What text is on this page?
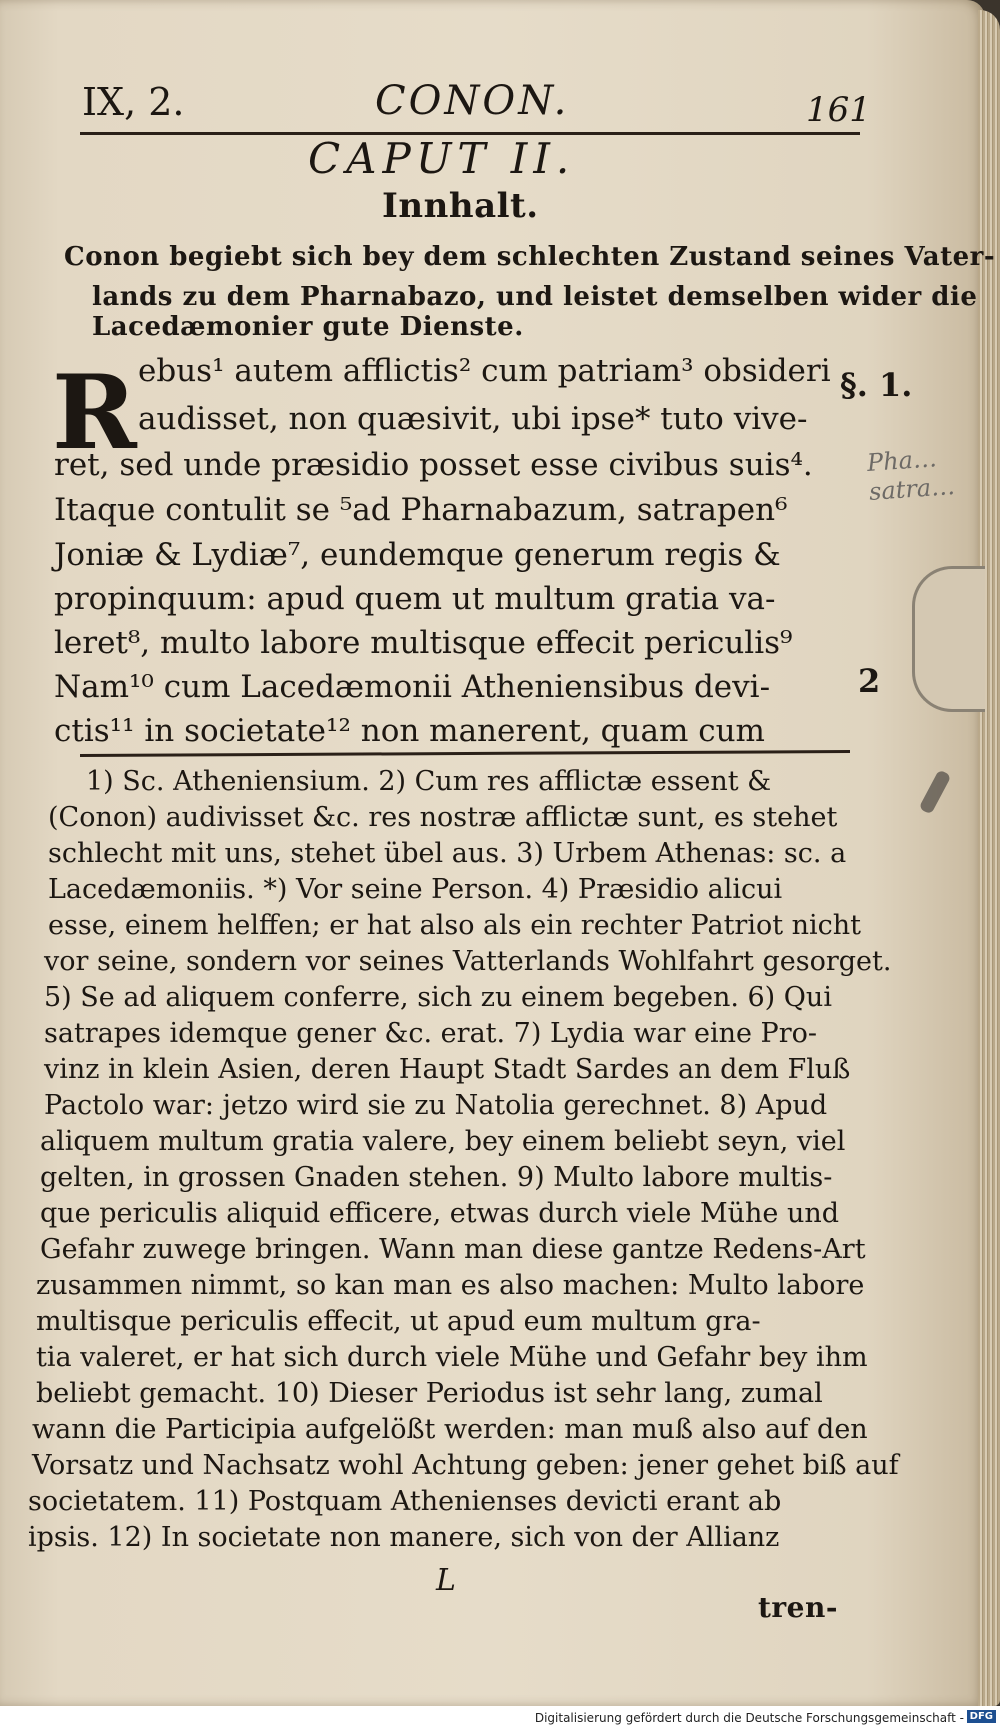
IX, 2.	CONON.	161
CAPUT II.
Innhalt.
Conon begiebt sich bey dem schlechten Zustand seines Vater-
lands zu dem Pharnabazo, und leistet demselben wider die
Lacedæmonier gute Dienste.
R ebus¹ autem afflictis² cum patriam³ obsideri
audisset, non quæsivit, ubi ipse* tuto vive-
ret, sed unde præsidio posset esse civibus suis⁴.
Itaque contulit se ⁵ad Pharnabazum, satrapen⁶
Joniæ & Lydiæ⁷, eundemque generum regis &
propinquum: apud quem ut multum gratia va-
leret⁸, multo labore multisque effecit periculis⁹
Nam¹⁰ cum Lacedæmonii Atheniensibus devi-
ctis¹¹ in societate¹² non manerent, quam cum
§. 1.
2
1) Sc. Atheniensium. 2) Cum res afflictæ essent &
(Conon) audivisset &c. res nostræ afflictæ sunt, es stehet
schlecht mit uns, stehet übel aus. 3) Urbem Athenas: sc. a
Lacedæmoniis. *) Vor seine Person. 4) Præsidio alicui
esse, einem helffen; er hat also als ein rechter Patriot nicht
vor seine, sondern vor seines Vatterlands Wohlfahrt gesorget.
5) Se ad aliquem conferre, sich zu einem begeben. 6) Qui
satrapes idemque gener &c. erat. 7) Lydia war eine Pro-
vinz in klein Asien, deren Haupt Stadt Sardes an dem Fluß
Pactolo war: jetzo wird sie zu Natolia gerechnet. 8) Apud
aliquem multum gratia valere, bey einem beliebt seyn, viel
gelten, in grossen Gnaden stehen. 9) Multo labore multis-
que periculis aliquid efficere, etwas durch viele Mühe und
Gefahr zuwege bringen. Wann man diese gantze Redens-Art
zusammen nimmt, so kan man es also machen: Multo labore
multisque periculis effecit, ut apud eum multum gra-
tia valeret, er hat sich durch viele Mühe und Gefahr bey ihm
beliebt gemacht. 10) Dieser Periodus ist sehr lang, zumal
wann die Participia aufgelößt werden: man muß also auf den
Vorsatz und Nachsatz wohl Achtung geben: jener gehet biß auf
societatem. 11) Postquam Athenienses devicti erant ab
ipsis. 12) In societate non manere, sich von der Allianz
L
tren-
Pha…
satra…
Digitalisierung gefördert durch die Deutsche Forschungsgemeinschaft - DFG
